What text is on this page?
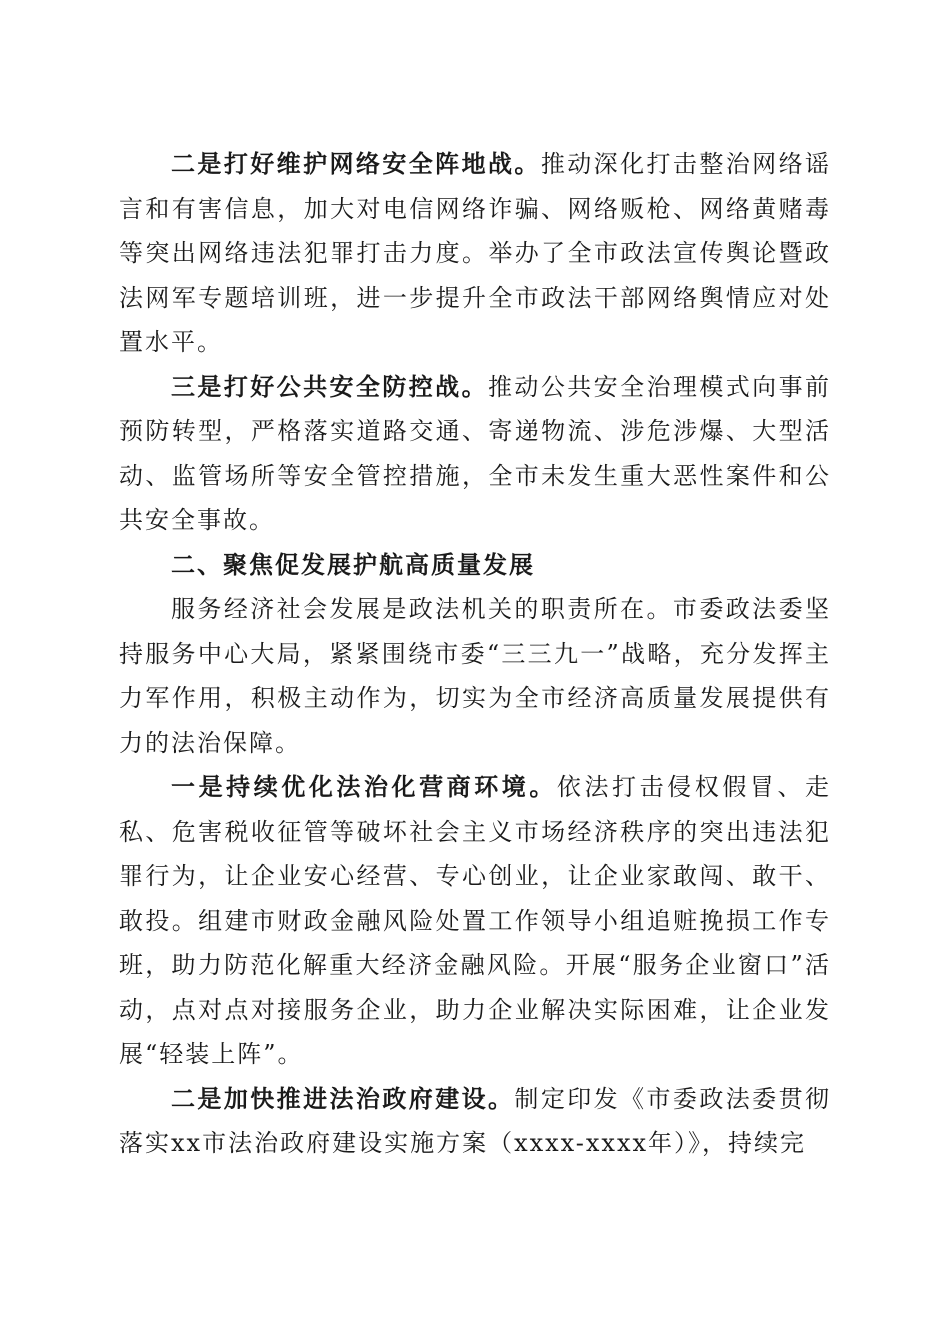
二是打好维护网络安全阵地战。推动深化打击整治网络谣言和有害信息，加大对电信网络诈骗、网络贩枪、网络黄赌毒等突出网络违法犯罪打击力度。举办了全市政法宣传舆论暨政法网军专题培训班，进一步提升全市政法干部网络舆情应对处置水平。

三是打好公共安全防控战。推动公共安全治理模式向事前预防转型，严格落实道路交通、寄递物流、涉危涉爆、大型活动、监管场所等安全管控措施，全市未发生重大恶性案件和公共安全事故。

二、聚焦促发展护航高质量发展

服务经济社会发展是政法机关的职责所在。市委政法委坚持服务中心大局，紧紧围绕市委“三三九一”战略，充分发挥主力军作用，积极主动作为，切实为全市经济高质量发展提供有力的法治保障。

一是持续优化法治化营商环境。依法打击侵权假冒、走私、危害税收征管等破坏社会主义市场经济秩序的突出违法犯罪行为，让企业安心经营、专心创业，让企业家敢闯、敢干、敢投。组建市财政金融风险处置工作领导小组追赃挽损工作专班，助力防范化解重大经济金融风险。开展“服务企业窗口”活动，点对点对接服务企业，助力企业解决实际困难，让企业发展“轻装上阵”。

二是加快推进法治政府建设。制定印发《市委政法委贯彻落实xx市法治政府建设实施方案（xxxx-xxxx年）》，持续完
